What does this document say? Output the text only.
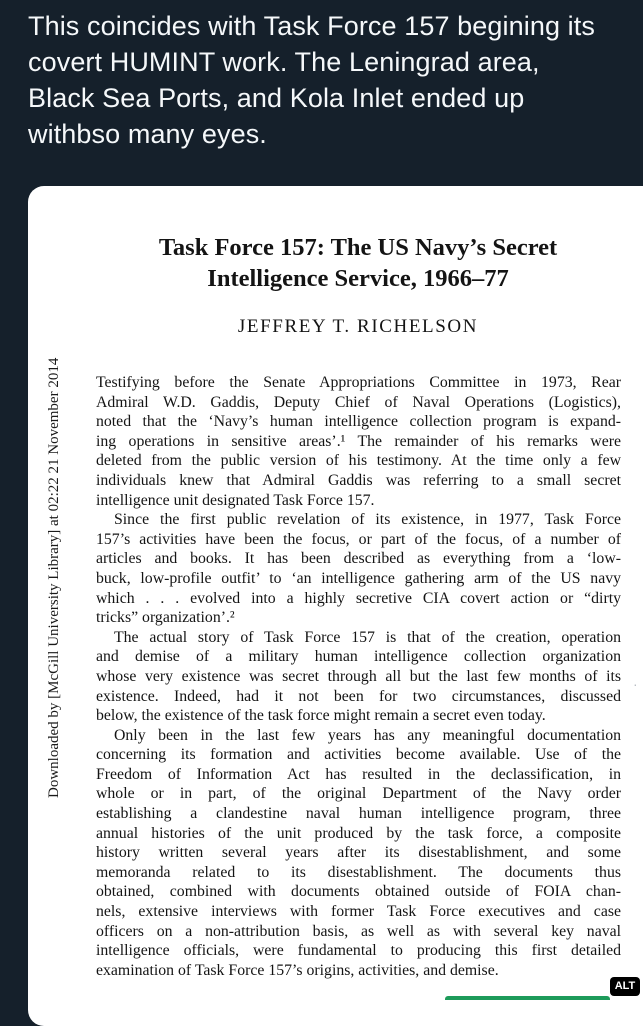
This coincides with Task Force 157 begining its
covert HUMINT work. The Leningrad area,
Black Sea Ports, and Kola Inlet ended up
withbso many eyes.
Task Force 157: The US Navy’s Secret
Intelligence Service, 1966–77
JEFFREY T. RICHELSON
Downloaded by [McGill University Library] at 02:22 21 November 2014 Testifying before the Senate Appropriations Committee in 1973, Rear
Admiral W.D. Gaddis, Deputy Chief of Naval Operations (Logistics),
noted that the ‘Navy’s human intelligence collection program is expand-
ing operations in sensitive areas’.¹ The remainder of his remarks were
deleted from the public version of his testimony. At the time only a few
individuals knew that Admiral Gaddis was referring to a small secret
intelligence unit designated Task Force 157.
Since the first public revelation of its existence, in 1977, Task Force
157’s activities have been the focus, or part of the focus, of a number of
articles and books. It has been described as everything from a ‘low-
buck, low-profile outfit’ to ‘an intelligence gathering arm of the US navy
which . . . evolved into a highly secretive CIA covert action or “dirty
tricks” organization’.²
The actual story of Task Force 157 is that of the creation, operation
and demise of a military human intelligence collection organization
whose very existence was secret through all but the last few months of its
existence. Indeed, had it not been for two circumstances, discussed
below, the existence of the task force might remain a secret even today.
Only been in the last few years has any meaningful documentation
concerning its formation and activities become available. Use of the
Freedom of Information Act has resulted in the declassification, in
whole or in part, of the original Department of the Navy order
establishing a clandestine naval human intelligence program, three
annual histories of the unit produced by the task force, a composite
history written several years after its disestablishment, and some
memoranda related to its disestablishment. The documents thus
obtained, combined with documents obtained outside of FOIA chan-
nels, extensive interviews with former Task Force executives and case
officers on a non-attribution basis, as well as with several key naval
intelligence officials, were fundamental to producing this first detailed
examination of Task Force 157’s origins, activities, and demise.
ALT
·
